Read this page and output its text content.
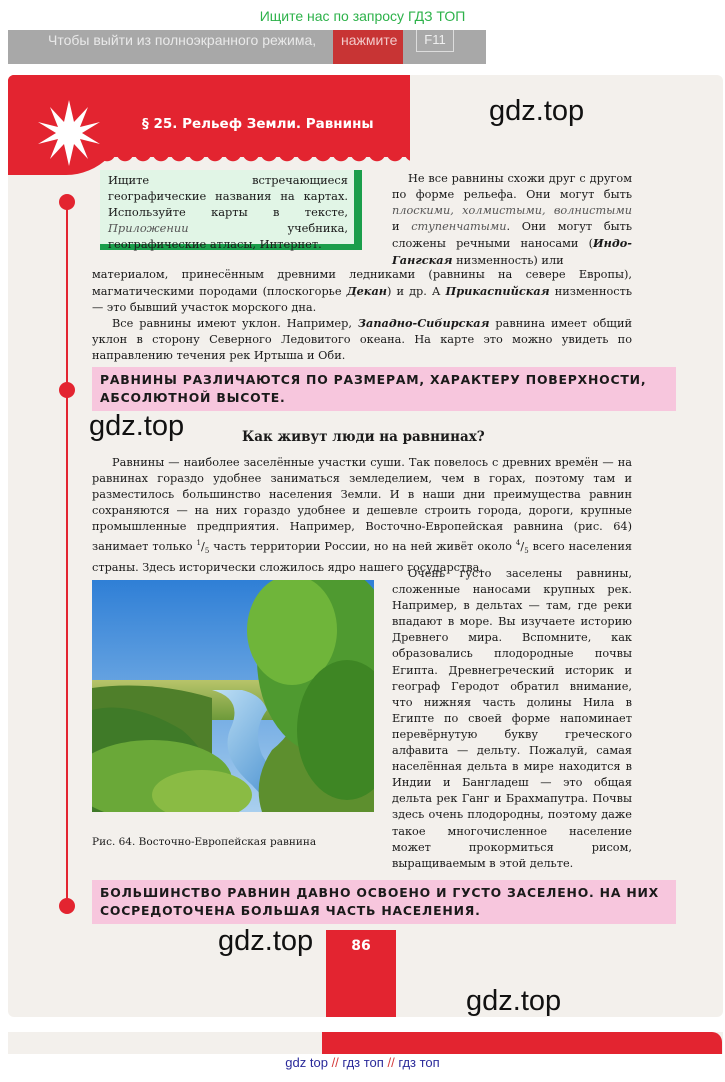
Ищите нас по запросу ГДЗ ТОП
Чтобы выйти из полноэкранного режима,	F11
нажмите
§ 25. Рельеф Земли. Равнины	gdz.top
Ищите встречающиеся географические названия на картах. Используйте карты в тексте, Приложении учебника, географические атласы, Интернет.
Не все равнины схожи друг с другом по форме рельефа. Они могут быть плоскими, холмистыми, волнистыми и ступенчатыми. Они могут быть сложены речными наносами (Индо-Гангская низменность) или
материалом, принесённым древними ледниками (равнины на севере Европы), магматическими породами (плоскогорье Декан) и др. А Прикаспийская низменность — это бывший участок морского дна.
Все равнины имеют уклон. Например, Западно-Сибирская равнина имеет общий уклон в сторону Северного Ледовитого океана. На карте это можно увидеть по направлению течения рек Иртыша и Оби.
РАВНИНЫ РАЗЛИЧАЮТСЯ ПО РАЗМЕРАМ, ХАРАКТЕРУ ПОВЕРХНОСТИ, АБСОЛЮТНОЙ ВЫСОТЕ.
gdz.top	Как живут люди на равнинах?
Равнины — наиболее заселённые участки суши. Так повелось с древних времён — на равнинах гораздо удобнее заниматься земледелием, чем в горах, поэтому там и разместилось большинство населения Земли. И в наши дни преимущества равнин сохраняются — на них гораздо удобнее и дешевле строить города, дороги, крупные промышленные предприятия. Например, Восточно-Европейская равнина (рис. 64) занимает только $^1/_5$ часть территории России, но на ней живёт около $^4/_5$ всего населения страны. Здесь исторически сложилось ядро нашего государства.
Очень густо заселены равнины, сложенные наносами крупных рек. Например, в дельтах — там, где реки впадают в море. Вы изучаете историю Древнего мира. Вспомните, как образовались плодородные почвы Египта. Древнегреческий историк и географ Геродот обратил внимание, что нижняя часть долины Нила в Египте по своей форме напоминает перевёрнутую букву греческого алфавита — дельту. Пожалуй, самая населённая дельта в мире находится в Индии и Бангладеш — это общая дельта рек Ганг и Брахмапутра. Почвы здесь очень плодородны, поэтому даже такое многочисленное население может прокормиться рисом, выращиваемым в этой дельте.
Рис. 64. Восточно-Европейская равнина
БОЛЬШИНСТВО РАВНИН ДАВНО ОСВОЕНО И ГУСТО ЗАСЕЛЕНО. НА НИХ СОСРЕДОТОЧЕНА БОЛЬШАЯ ЧАСТЬ НАСЕЛЕНИЯ.
86
gdz.top
gdz.top
gdz top // гдз топ // гдз топ
